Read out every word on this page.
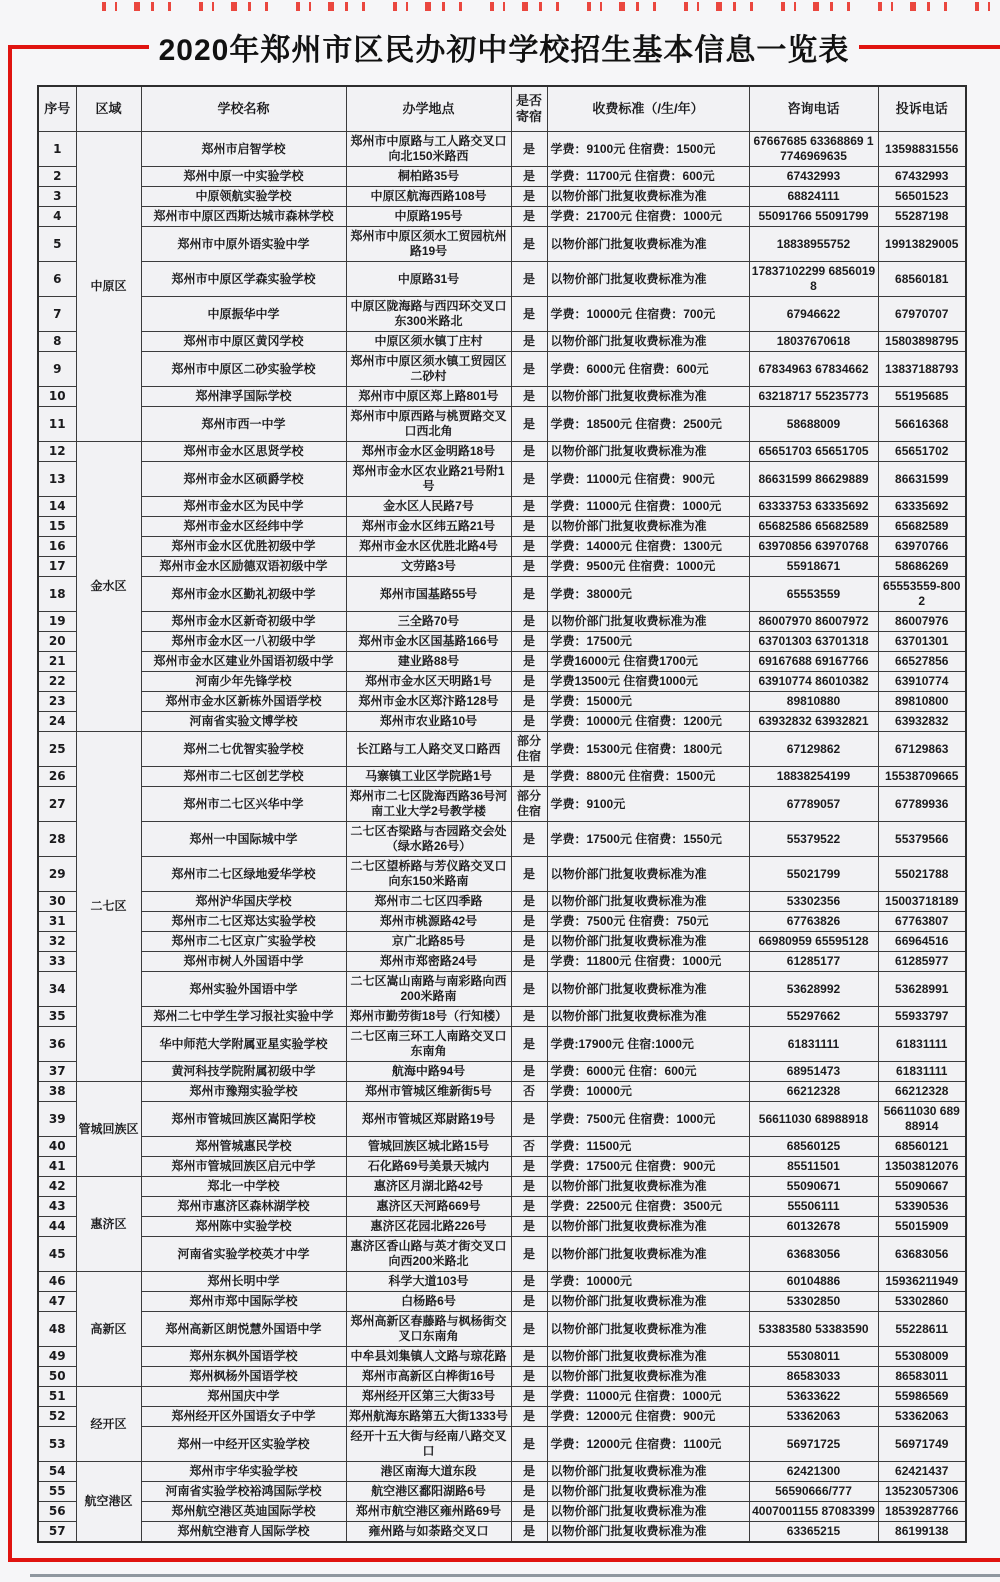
2020年郑州市区民办初中学校招生基本信息一览表
序号	区域	学校名称	办学地点	是否寄宿	收费标准（/生/年）	咨询电话	投诉电话
1	中原区	郑州市启智学校	郑州市中原路与工人路交叉口向北150米路西	是	学费：9100元 住宿费：1500元	67667685 63368869 17746969635	13598831556
2		郑州中原一中实验学校	桐柏路35号	是	学费：11700元 住宿费：600元	67432993	67432993
3		中原领航实验学校	中原区航海西路108号	是	以物价部门批复收费标准为准	68824111	56501523
4		郑州市中原区西斯达城市森林学校	中原路195号	是	学费：21700元 住宿费：1000元	55091766 55091799	55287198
5		郑州市中原外语实验中学	郑州市中原区须水工贸园杭州路19号	是	以物价部门批复收费标准为准	18838955752	19913829005
6		郑州市中原区学森实验学校	中原路31号	是	以物价部门批复收费标准为准	17837102299 68560198	68560181
7		中原振华中学	中原区陇海路与西四环交叉口东300米路北	是	学费：10000元 住宿费：700元	67946622	67970707
8		郑州市中原区黄冈学校	中原区须水镇丁庄村	是	以物价部门批复收费标准为准	18037670618	15803898795
9		郑州市中原区二砂实验学校	郑州市中原区须水镇工贸园区二砂村	是	学费：6000元 住宿费：600元	67834963 67834662	13837188793
10		郑州津孚国际学校	郑州市中原区郑上路801号	是	以物价部门批复收费标准为准	63218717 55235773	55195685
11		郑州市西一中学	郑州市中原西路与桃贾路交叉口西北角	是	学费：18500元 住宿费：2500元	58688009	56616368
12	金水区	郑州市金水区思贤学校	郑州市金水区金明路18号	是	以物价部门批复收费标准为准	65651703 65651705	65651702
13		郑州市金水区硕爵学校	郑州市金水区农业路21号附1号	是	学费：11000元 住宿费：900元	86631599 86629889	86631599
14		郑州市金水区为民中学	金水区人民路7号	是	学费：11000元 住宿费：1000元	63333753 63335692	63335692
15		郑州市金水区经纬中学	郑州市金水区纬五路21号	是	以物价部门批复收费标准为准	65682586 65682589	65682589
16		郑州市金水区优胜初级中学	郑州市金水区优胜北路4号	是	学费：14000元 住宿费：1300元	63970856 63970768	63970766
17		郑州市金水区励德双语初级中学	文劳路3号	是	学费：9500元 住宿费：1000元	55918671	58686269
18		郑州市金水区勤礼初级中学	郑州市国基路55号	是	学费：38000元	65553559	65553559-8002
19		郑州市金水区新奇初级中学	三全路70号	是	以物价部门批复收费标准为准	86007970 86007972	86007976
20		郑州市金水区一八初级中学	郑州市金水区国基路166号	是	学费：17500元	63701303 63701318	63701301
21		郑州市金水区建业外国语初级中学	建业路88号	是	学费16000元 住宿费1700元	69167688 69167766	66527856
22		河南少年先锋学校	郑州市金水区天明路1号	是	学费13500元 住宿费1000元	63910774 86010382	63910774
23		郑州市金水区新栋外国语学校	郑州市金水区郑汴路128号	是	学费：15000元	89810880	89810800
24		河南省实验文博学校	郑州市农业路10号	是	学费：10000元 住宿费：1200元	63932832 63932821	63932832
25	二七区	郑州二七优智实验学校	长江路与工人路交叉口路西	部分住宿	学费：15300元 住宿费：1800元	67129862	67129863
26		郑州市二七区创艺学校	马寨镇工业区学院路1号	是	学费：8800元 住宿费：1500元	18838254199	15538709665
27		郑州市二七区兴华中学	郑州市二七区陇海西路36号河南工业大学2号教学楼	部分住宿	学费：9100元	67789057	67789936
28		郑州一中国际城中学	二七区杏梁路与杏园路交会处（绿水路26号）	是	学费：17500元 住宿费：1550元	55379522	55379566
29		郑州市二七区绿地爱华学校	二七区望桥路与芳仪路交叉口向东150米路南	是	以物价部门批复收费标准为准	55021799	55021788
30		郑州沪华国庆学校	郑州市二七区四季路	是	以物价部门批复收费标准为准	53302356	15003718189
31		郑州市二七区郑达实验学校	郑州市桃源路42号	是	学费：7500元 住宿费：750元	67763826	67763807
32		郑州市二七区京广实验学校	京广北路85号	是	以物价部门批复收费标准为准	66980959 65595128	66964516
33		郑州市树人外国语中学	郑州市郑密路24号	是	学费：11800元 住宿费：1000元	61285177	61285977
34		郑州实验外国语中学	二七区嵩山南路与南彩路向西200米路南	是	以物价部门批复收费标准为准	53628992	53628991
35		郑州二七中学生学习报社实验中学	郑州市勤劳街18号（行知楼）	是	以物价部门批复收费标准为准	55297662	55933797
36		华中师范大学附属亚星实验学校	二七区南三环工人南路交叉口东南角	是	学费:17900元 住宿:1000元	61831111	61831111
37		黄河科技学院附属初级中学	航海中路94号	是	学费：6000元 住宿：600元	68951473	61831111
38	管城回族区	郑州市豫翔实验学校	郑州市管城区维新街5号	否	学费：10000元	66212328	66212328
39		郑州市管城回族区嵩阳学校	郑州市管城区郑尉路19号	是	学费：7500元 住宿费：1000元	56611030 68988918	56611030 68988914
40		郑州管城惠民学校	管城回族区城北路15号	否	学费：11500元	68560125	68560121
41		郑州市管城回族区启元中学	石化路69号美景天城内	是	学费：17500元 住宿费：900元	85511501	13503812076
42	惠济区	郑北一中学校	惠济区月湖北路42号	是	以物价部门批复收费标准为准	55090671	55090667
43		郑州市惠济区森林湖学校	惠济区天河路669号	是	学费：22500元 住宿费：3500元	55506111	53390536
44		郑州陈中实验学校	惠济区花园北路226号	是	以物价部门批复收费标准为准	60132678	55015909
45		河南省实验学校英才中学	惠济区香山路与英才街交叉口向西200米路北	是	以物价部门批复收费标准为准	63683056	63683056
46	高新区	郑州长明中学	科学大道103号	是	学费：10000元	60104886	15936211949
47		郑州市郑中国际学校	白杨路6号	是	以物价部门批复收费标准为准	53302850	53302860
48		郑州高新区朗悦慧外国语中学	郑州高新区春藤路与枫杨街交叉口东南角	是	以物价部门批复收费标准为准	53383580 53383590	55228611
49		郑州东枫外国语学校	中牟县刘集镇人文路与琼花路	是	以物价部门批复收费标准为准	55308011	55308009
50		郑州枫杨外国语学校	郑州市高新区白桦街16号	是	以物价部门批复收费标准为准	86583033	86583011
51	经开区	郑州国庆中学	郑州经开区第三大街33号	是	学费：11000元 住宿费：1000元	53633622	55986569
52		郑州经开区外国语女子中学	郑州航海东路第五大街1333号	是	学费：12000元 住宿费：900元	53362063	53362063
53		郑州一中经开区实验学校	经开十五大街与经南八路交叉口	是	学费：12000元 住宿费：1100元	56971725	56971749
54	航空港区	郑州市宇华实验学校	港区南海大道东段	是	以物价部门批复收费标准为准	62421300	62421437
55		河南省实验学校裕鸿国际学校	航空港区鄱阳湖路6号	是	以物价部门批复收费标准为准	56590666/777	13523057306
56		郑州航空港区英迪国际学校	郑州市航空港区雍州路69号	是	以物价部门批复收费标准为准	4007001155 87083399	18539287766
57		郑州航空港育人国际学校	雍州路与如荼路交叉口	是	以物价部门批复收费标准为准	63365215	86199138
